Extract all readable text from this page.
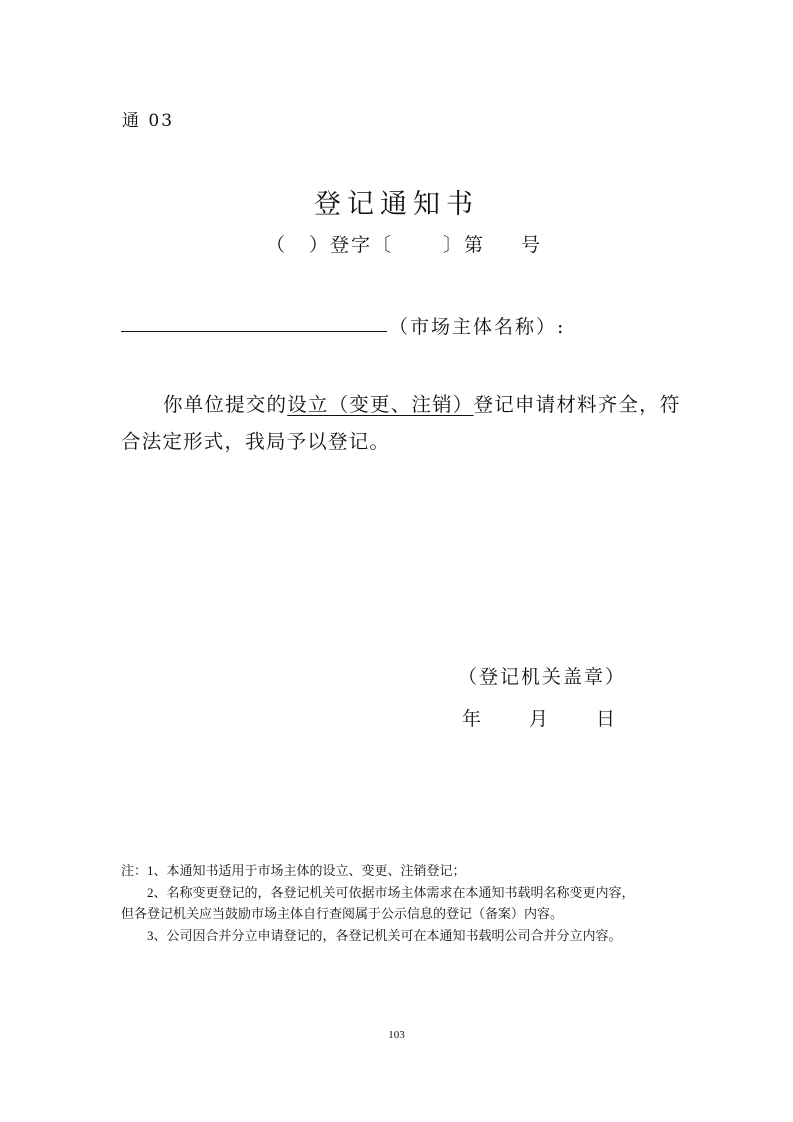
通 03
登记通知书
（ ）登字〔	〕第 号
（市场主体名称）:
你单位提交的设立（变更、注销）登记申请材料齐全，符合法定形式，我局予以登记。
（登记机关盖章）
年	月	日
注：1、本通知书适用于市场主体的设立、变更、注销登记；
2、名称变更登记的，各登记机关可依据市场主体需求在本通知书载明名称变更内容，
但各登记机关应当鼓励市场主体自行查阅属于公示信息的登记（备案）内容。
3、公司因合并分立申请登记的，各登记机关可在本通知书载明公司合并分立内容。
103
